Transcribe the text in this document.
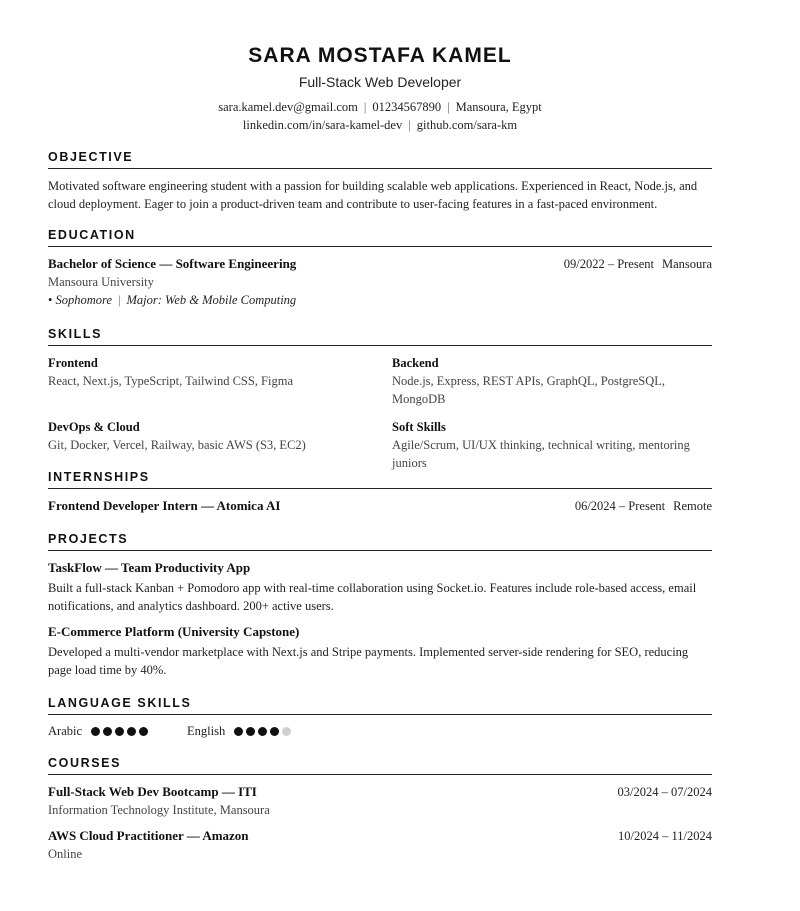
SARA MOSTAFA KAMEL
Full-Stack Web Developer
sara.kamel.dev@gmail.com | 01234567890 | Mansoura, Egypt
linkedin.com/in/sara-kamel-dev | github.com/sara-km
OBJECTIVE
Motivated software engineering student with a passion for building scalable web applications. Experienced in React, Node.js, and cloud deployment. Eager to join a product-driven team and contribute to user-facing features in a fast-paced environment.
EDUCATION
Bachelor of Science — Software Engineering	09/2022 – Present Mansoura
Mansoura University
• Sophomore | Major: Web & Mobile Computing
SKILLS
Frontend
React, Next.js, TypeScript, Tailwind CSS, Figma
Backend
Node.js, Express, REST APIs, GraphQL, PostgreSQL, MongoDB
DevOps & Cloud
Git, Docker, Vercel, Railway, basic AWS (S3, EC2)
Soft Skills
Agile/Scrum, UI/UX thinking, technical writing, mentoring juniors
INTERNSHIPS
Frontend Developer Intern — Atomica AI	06/2024 – Present Remote
PROJECTS
TaskFlow — Team Productivity App
Built a full-stack Kanban + Pomodoro app with real-time collaboration using Socket.io. Features include role-based access, email notifications, and analytics dashboard. 200+ active users.
E-Commerce Platform (University Capstone)
Developed a multi-vendor marketplace with Next.js and Stripe payments. Implemented server-side rendering for SEO, reducing page load time by 40%.
LANGUAGE SKILLS
Arabic	English
COURSES
Full-Stack Web Dev Bootcamp — ITI	03/2024 – 07/2024
Information Technology Institute, Mansoura
AWS Cloud Practitioner — Amazon	10/2024 – 11/2024
Online
